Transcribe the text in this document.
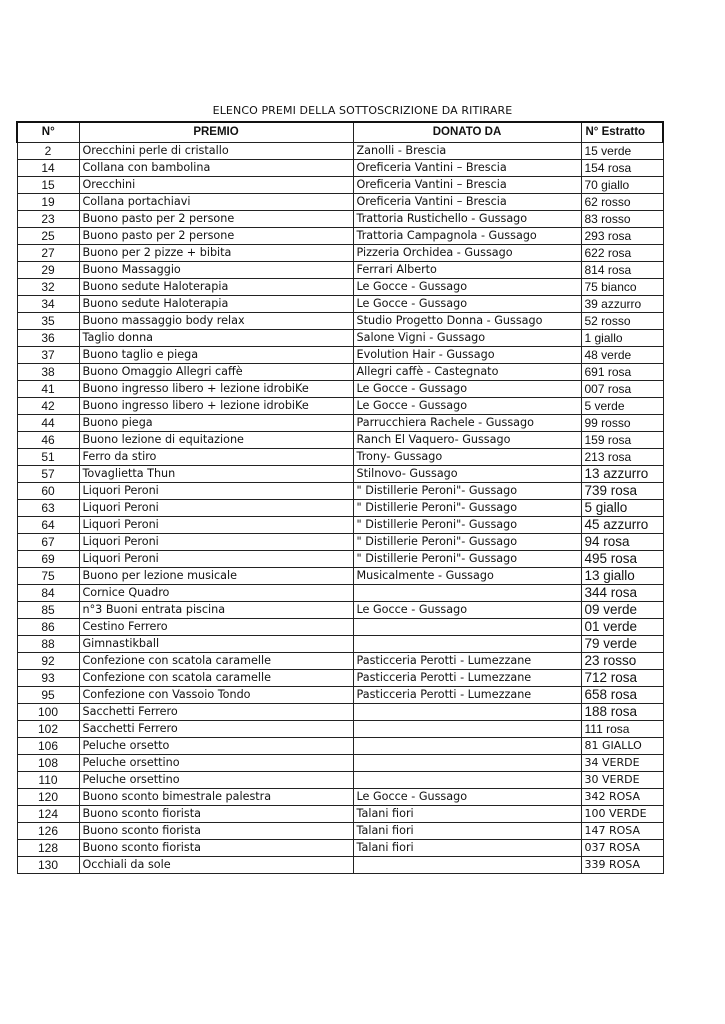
ELENCO PREMI DELLA SOTTOSCRIZIONE DA RITIRARE
N°	PREMIO	DONATO DA	N° Estratto
2	Orecchini perle di cristallo	Zanolli - Brescia	15 verde
14	Collana con bambolina	Oreficeria Vantini – Brescia	154 rosa
15	Orecchini	Oreficeria Vantini – Brescia	70 giallo
19	Collana portachiavi	Oreficeria Vantini – Brescia	62 rosso
23	Buono pasto per 2 persone	Trattoria Rustichello - Gussago	83 rosso
25	Buono pasto per 2 persone	Trattoria Campagnola - Gussago	293 rosa
27	Buono per 2 pizze + bibita	Pizzeria Orchidea - Gussago	622 rosa
29	Buono Massaggio	Ferrari Alberto	814 rosa
32	Buono sedute Haloterapia	Le Gocce - Gussago	75 bianco
34	Buono sedute Haloterapia	Le Gocce - Gussago	39 azzurro
35	Buono massaggio body relax	Studio Progetto Donna - Gussago	52 rosso
36	Taglio donna	Salone Vigni - Gussago	1 giallo
37	Buono taglio e piega	Evolution Hair - Gussago	48 verde
38	Buono Omaggio Allegri caffè	Allegri caffè - Castegnato	691 rosa
41	Buono ingresso libero + lezione idrobiKe	Le Gocce - Gussago	007 rosa
42	Buono ingresso libero + lezione idrobiKe	Le Gocce - Gussago	5 verde
44	Buono piega	Parrucchiera Rachele - Gussago	99 rosso
46	Buono lezione di equitazione	Ranch El Vaquero- Gussago	159 rosa
51	Ferro da stiro	Trony- Gussago	213 rosa
57	Tovaglietta Thun	Stilnovo- Gussago	13 azzurro
60	Liquori Peroni	" Distillerie Peroni"- Gussago	739 rosa
63	Liquori Peroni	" Distillerie Peroni"- Gussago	5 giallo
64	Liquori Peroni	" Distillerie Peroni"- Gussago	45 azzurro
67	Liquori Peroni	" Distillerie Peroni"- Gussago	94 rosa
69	Liquori Peroni	" Distillerie Peroni"- Gussago	495 rosa
75	Buono per lezione musicale	Musicalmente - Gussago	13 giallo
84	Cornice Quadro		344 rosa
85	n°3 Buoni entrata piscina	Le Gocce - Gussago	09 verde
86	Cestino Ferrero		01 verde
88	Gimnastikball		79 verde
92	Confezione con scatola caramelle	Pasticceria Perotti - Lumezzane	23 rosso
93	Confezione con scatola caramelle	Pasticceria Perotti - Lumezzane	712 rosa
95	Confezione con Vassoio Tondo	Pasticceria Perotti - Lumezzane	658 rosa
100	Sacchetti Ferrero		188 rosa
102	Sacchetti Ferrero		111 rosa
106	Peluche orsetto		81 GIALLO
108	Peluche orsettino		34 VERDE
110	Peluche orsettino		30 VERDE
120	Buono sconto bimestrale palestra	Le Gocce - Gussago	342 ROSA
124	Buono sconto fiorista	Talani fiori	100 VERDE
126	Buono sconto fiorista	Talani fiori	147 ROSA
128	Buono sconto fiorista	Talani fiori	037 ROSA
130	Occhiali da sole		339 ROSA
